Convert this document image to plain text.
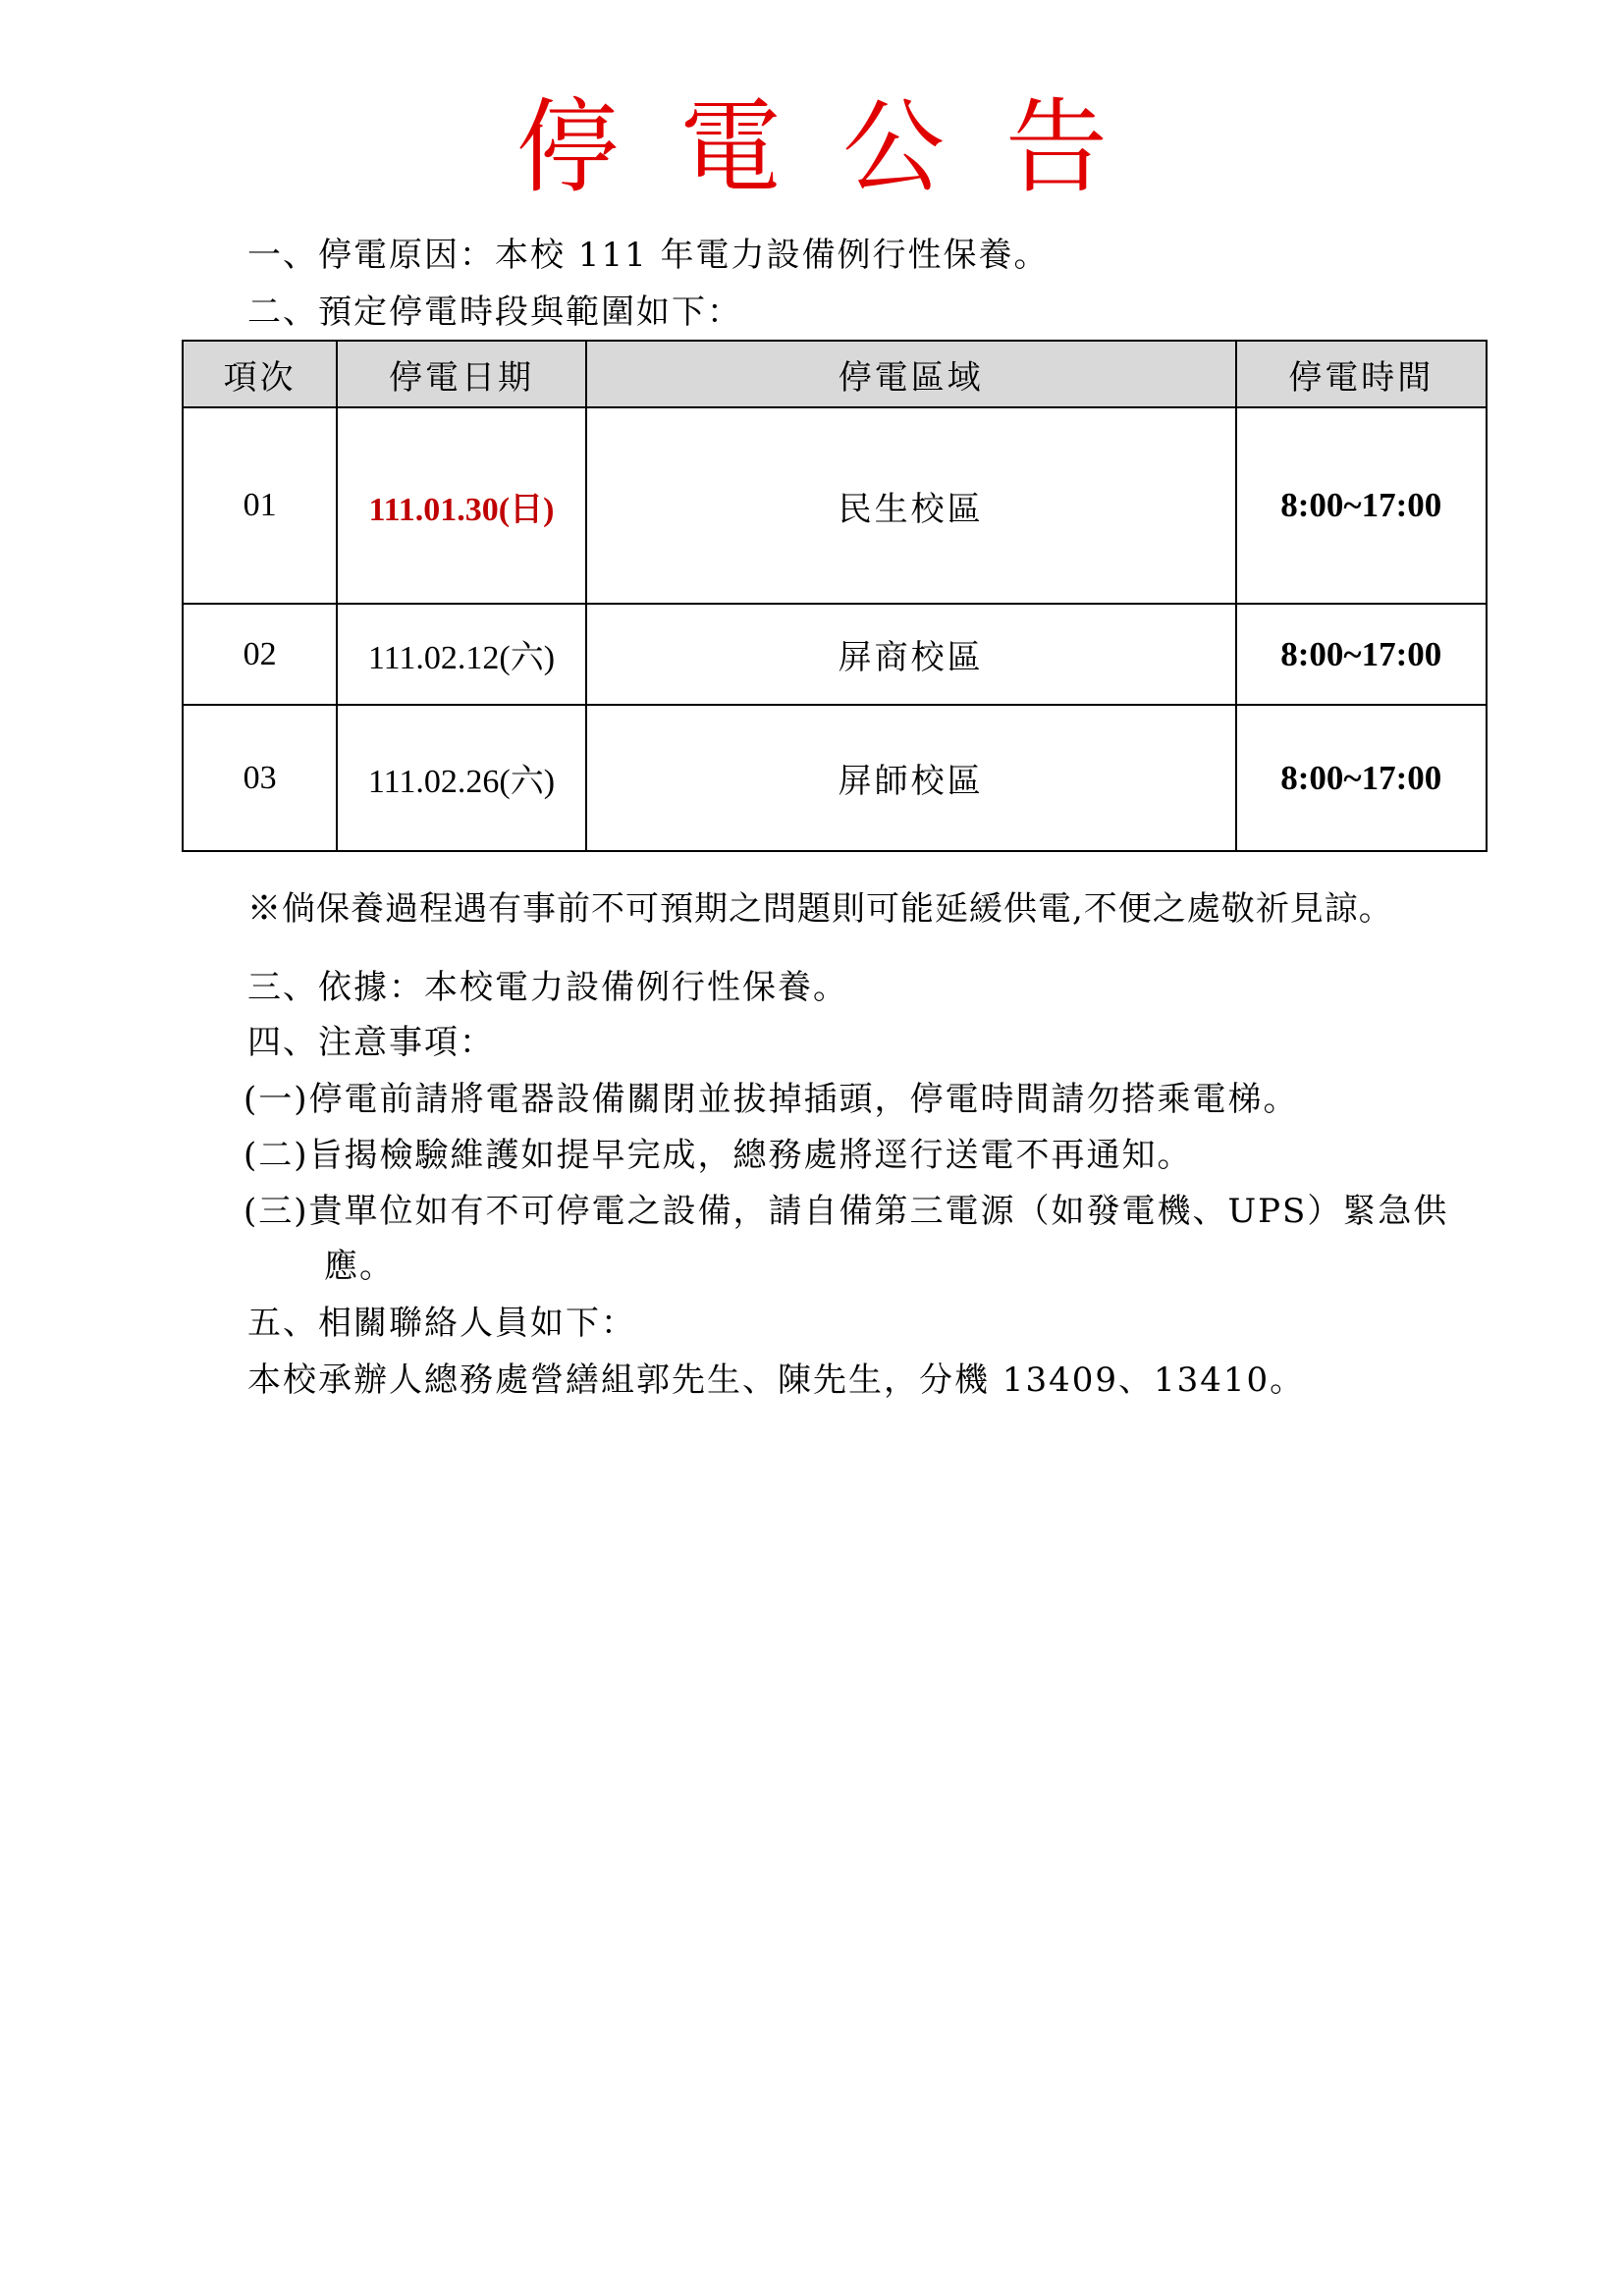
停電公告
一、停電原因：本校 111 年電力設備例行性保養。
二、預定停電時段與範圍如下：
項次	停電日期	停電區域	停電時間
01	111.01.30(日)	民生校區	8:00~17:00
02	111.02.12(六)	屏商校區	8:00~17:00
03	111.02.26(六)	屏師校區	8:00~17:00
※倘保養過程遇有事前不可預期之問題則可能延緩供電,不便之處敬祈見諒。
三、依據：本校電力設備例行性保養。
四、注意事項：
(一)停電前請將電器設備關閉並拔掉插頭，停電時間請勿搭乘電梯。
(二)旨揭檢驗維護如提早完成，總務處將逕行送電不再通知。
(三)貴單位如有不可停電之設備，請自備第三電源（如發電機、UPS）緊急供
應。
五、相關聯絡人員如下：
本校承辦人總務處營繕組郭先生、陳先生，分機 13409、13410。
